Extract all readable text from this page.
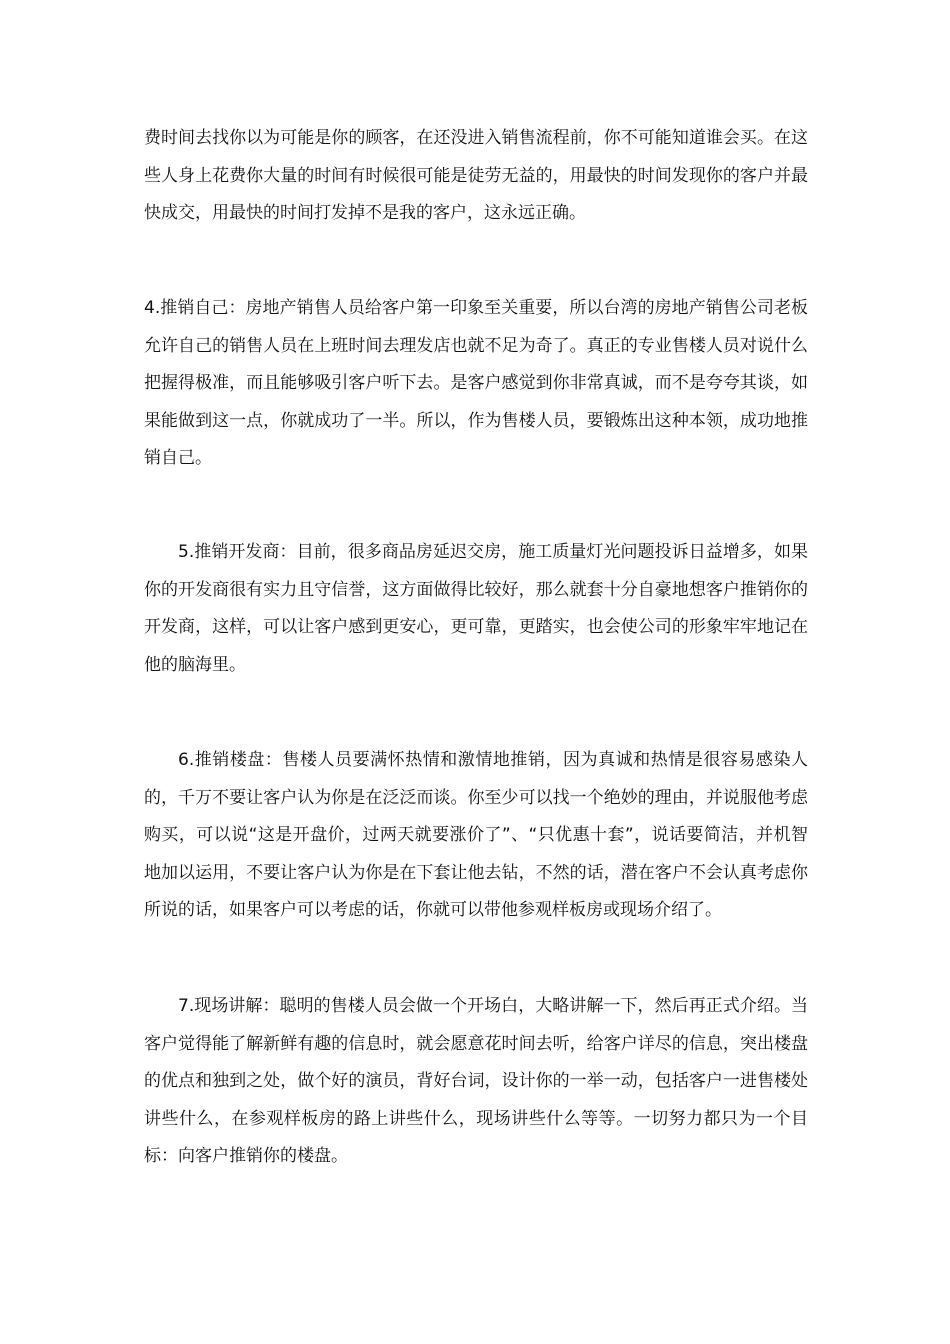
费时间去找你以为可能是你的顾客，在还没进入销售流程前，你不可能知道谁会买。在这些人身上花费你大量的时间有时候很可能是徒劳无益的，用最快的时间发现你的客户并最快成交，用最快的时间打发掉不是我的客户，这永远正确。

4.推销自己：房地产销售人员给客户第一印象至关重要，所以台湾的房地产销售公司老板允许自己的销售人员在上班时间去理发店也就不足为奇了。真正的专业售楼人员对说什么把握得极准，而且能够吸引客户听下去。是客户感觉到你非常真诚，而不是夸夸其谈，如果能做到这一点，你就成功了一半。所以，作为售楼人员，要锻炼出这种本领，成功地推销自己。

5.推销开发商：目前，很多商品房延迟交房，施工质量灯光问题投诉日益增多，如果你的开发商很有实力且守信誉，这方面做得比较好，那么就套十分自豪地想客户推销你的开发商，这样，可以让客户感到更安心，更可靠，更踏实，也会使公司的形象牢牢地记在他的脑海里。

6.推销楼盘：售楼人员要满怀热情和激情地推销，因为真诚和热情是很容易感染人的，千万不要让客户认为你是在泛泛而谈。你至少可以找一个绝妙的理由，并说服他考虑购买，可以说“这是开盘价，过两天就要涨价了”、“只优惠十套”，说话要简洁，并机智地加以运用，不要让客户认为你是在下套让他去钻，不然的话，潜在客户不会认真考虑你所说的话，如果客户可以考虑的话，你就可以带他参观样板房或现场介绍了。

7.现场讲解：聪明的售楼人员会做一个开场白，大略讲解一下，然后再正式介绍。当客户觉得能了解新鲜有趣的信息时，就会愿意花时间去听，给客户详尽的信息，突出楼盘的优点和独到之处，做个好的演员，背好台词，设计你的一举一动，包括客户一进售楼处讲些什么，在参观样板房的路上讲些什么，现场讲些什么等等。一切努力都只为一个目标：向客户推销你的楼盘。
